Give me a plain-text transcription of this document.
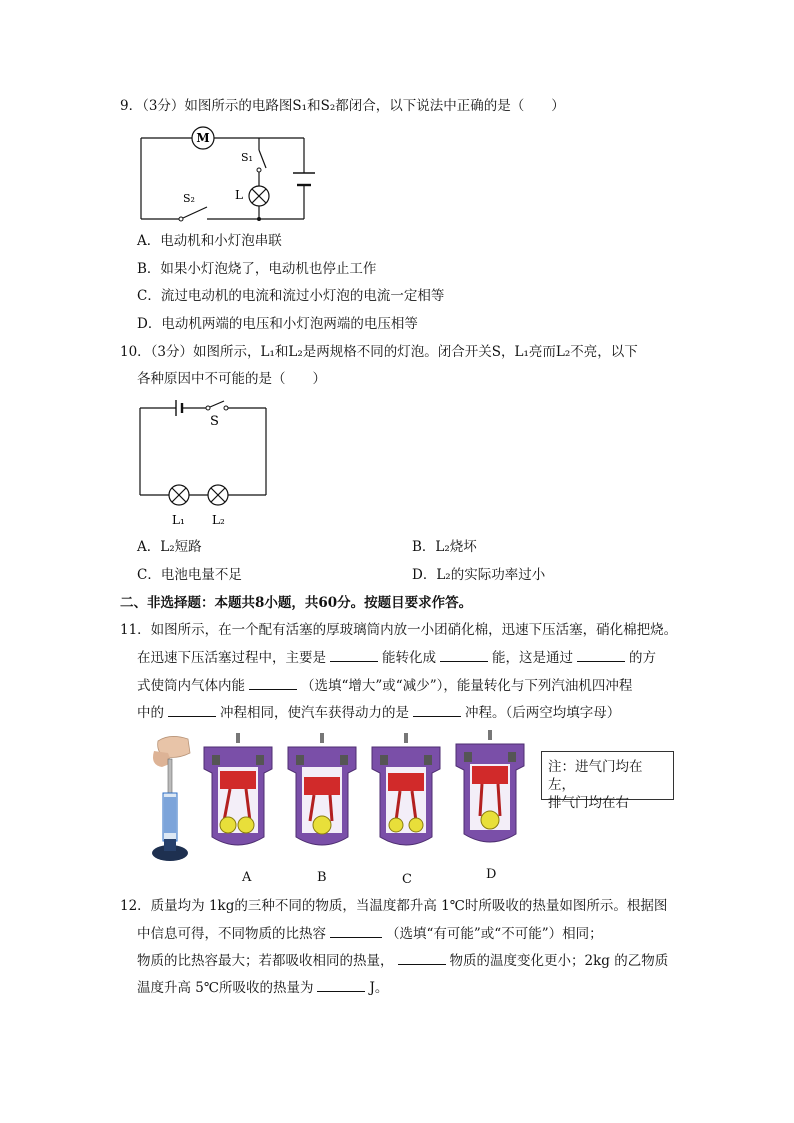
9．（3分）如图所示的电路图S₁和S₂都闭合，以下说法中正确的是（　　）
M
S₁
L
S₂
A．电动机和小灯泡串联
B．如果小灯泡烧了，电动机也停止工作
C．流过电动机的电流和流过小灯泡的电流一定相等
D．电动机两端的电压和小灯泡两端的电压相等
10．（3分）如图所示，L₁和L₂是两规格不同的灯泡。闭合开关S，L₁亮而L₂不亮，以下
各种原因中不可能的是（　　）
S
L₁ L₂
A．L₂短路	B．L₂烧坏
C．电池电量不足	D．L₂的实际功率过小
二、非选择题：本题共8小题，共60分。按题目要求作答。
11．如图所示，在一个配有活塞的厚玻璃筒内放一小团硝化棉，迅速下压活塞，硝化棉把烧。
在迅速下压活塞过程中，主要是	能转化成	能，这是通过	的方
式使筒内气体内能	（选填“增大”或“减少”），能量转化与下列汽油机四冲程
中的	冲程相同，使汽车获得动力的是	冲程。（后两空均填字母）
A	B	C	D
注：进气门均在左，
排气门均在右
12．质量均为 1kg的三种不同的物质，当温度都升高 1℃时所吸收的热量如图所示。根据图
中信息可得，不同物质的比热容	（选填“有可能”或“不可能”）相同；
物质的比热容最大；若都吸收相同的热量，	物质的温度变化更小；2kg 的乙物质
温度升高 5℃所吸收的热量为	J。
